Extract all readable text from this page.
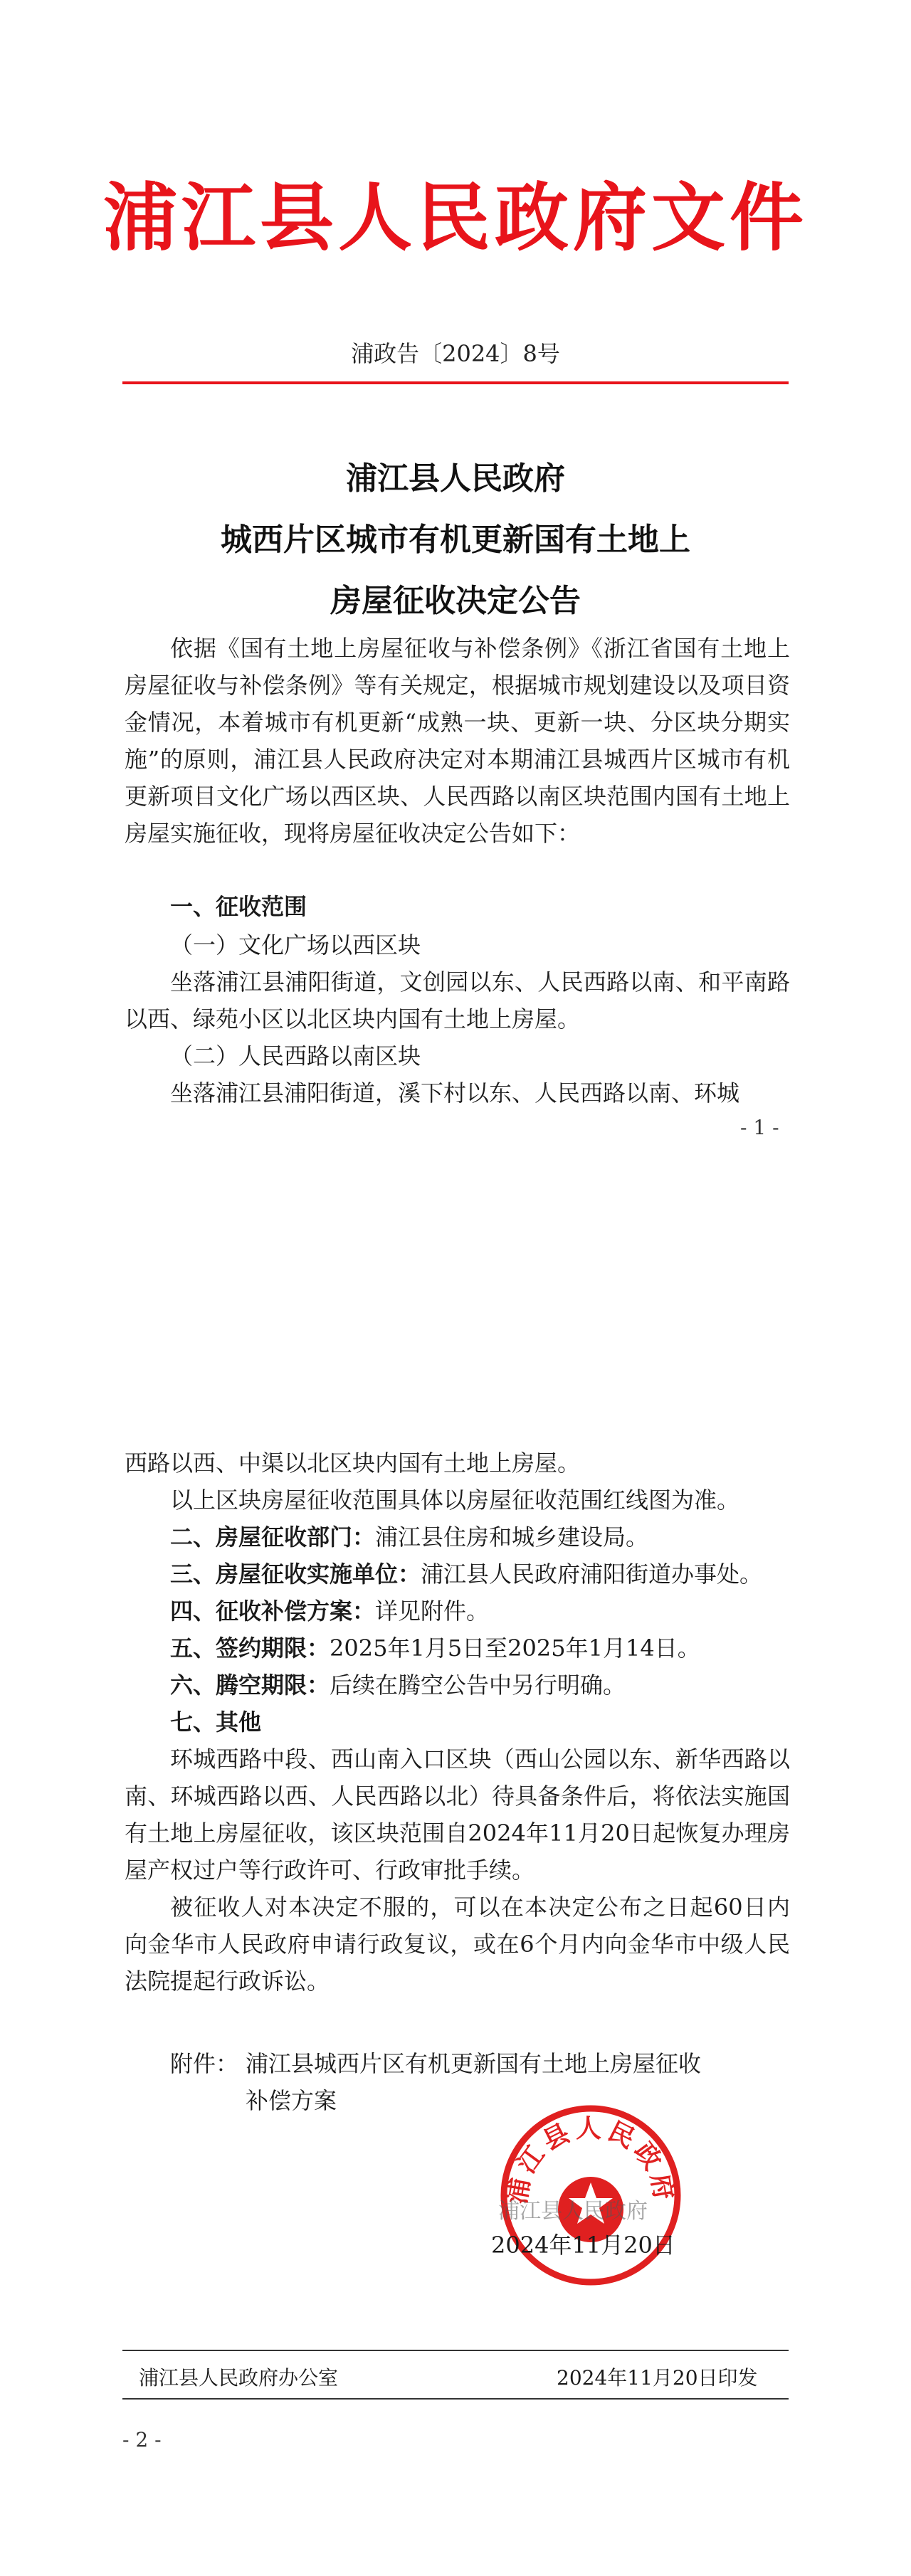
浦江县人民政府文件
浦政告〔2024〕8号
浦江县人民政府
城西片区城市有机更新国有土地上
房屋征收决定公告
依据《国有土地上房屋征收与补偿条例》《浙江省国有土地上房屋征收与补偿条例》等有关规定，根据城市规划建设以及项目资金情况，本着城市有机更新“成熟一块、更新一块、分区块分期实施”的原则，浦江县人民政府决定对本期浦江县城西片区城市有机更新项目文化广场以西区块、人民西路以南区块范围内国有土地上房屋实施征收，现将房屋征收决定公告如下：
一、征收范围
（一）文化广场以西区块
坐落浦江县浦阳街道，文创园以东、人民西路以南、和平南路以西、绿苑小区以北区块内国有土地上房屋。
（二）人民西路以南区块
坐落浦江县浦阳街道，溪下村以东、人民西路以南、环城
- 1 -
西路以西、中渠以北区块内国有土地上房屋。
以上区块房屋征收范围具体以房屋征收范围红线图为准。
二、房屋征收部门：浦江县住房和城乡建设局。
三、房屋征收实施单位：浦江县人民政府浦阳街道办事处。
四、征收补偿方案：详见附件。
五、签约期限：2025年1月5日至2025年1月14日。
六、腾空期限：后续在腾空公告中另行明确。
七、其他
环城西路中段、西山南入口区块（西山公园以东、新华西路以南、环城西路以西、人民西路以北）待具备条件后，将依法实施国有土地上房屋征收，该区块范围自2024年11月20日起恢复办理房屋产权过户等行政许可、行政审批手续。
被征收人对本决定不服的，可以在本决定公布之日起60日内向金华市人民政府申请行政复议，或在6个月内向金华市中级人民法院提起行政诉讼。
附件： 浦江县城西片区有机更新国有土地上房屋征收
补偿方案
浦江县人民政府
浦江县人民政府
2024年11月20日
浦江县人民政府办公室	2024年11月20日印发
- 2 -
